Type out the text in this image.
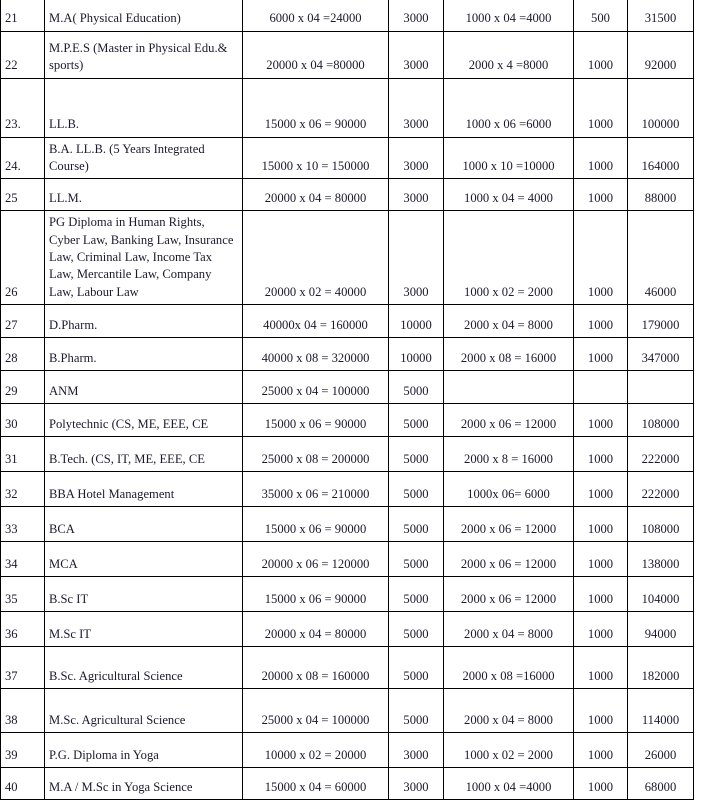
21	M.A( Physical Education)	6000 x 04 =24000	3000	1000 x 04 =4000	500	31500
22	M.P.E.S (Master in Physical Edu.& sports)	20000 x 04 =80000	3000	2000 x 4 =8000	1000	92000
23.	LL.B.	15000 x 06 = 90000	3000	1000 x 06 =6000	1000	100000
24.	B.A. LL.B. (5 Years Integrated Course)	15000 x 10 = 150000	3000	1000 x 10 =10000	1000	164000
25	LL.M.	20000 x 04 = 80000	3000	1000 x 04 = 4000	1000	88000
26	PG Diploma in Human Rights, Cyber Law, Banking Law, Insurance Law, Criminal Law, Income Tax Law, Mercantile Law, Company Law, Labour Law	20000 x 02 = 40000	3000	1000 x 02 = 2000	1000	46000
27	D.Pharm.	40000x 04 = 160000	10000	2000 x 04 = 8000	1000	179000
28	B.Pharm.	40000 x 08 = 320000	10000	2000 x 08 = 16000	1000	347000
29	ANM	25000 x 04 = 100000	5000			
30	Polytechnic (CS, ME, EEE, CE	15000 x 06 = 90000	5000	2000 x 06 = 12000	1000	108000
31	B.Tech. (CS, IT, ME, EEE, CE	25000 x 08 = 200000	5000	2000 x 8 = 16000	1000	222000
32	BBA Hotel Management	35000 x 06 = 210000	5000	1000x 06= 6000	1000	222000
33	BCA	15000 x 06 = 90000	5000	2000 x 06 = 12000	1000	108000
34	MCA	20000 x 06 = 120000	5000	2000 x 06 = 12000	1000	138000
35	B.Sc IT	15000 x 06 = 90000	5000	2000 x 06 = 12000	1000	104000
36	M.Sc IT	20000 x 04 = 80000	5000	2000 x 04 = 8000	1000	94000
37	B.Sc. Agricultural Science	20000 x 08 = 160000	5000	2000 x 08 =16000	1000	182000
38	M.Sc. Agricultural Science	25000 x 04 = 100000	5000	2000 x 04 = 8000	1000	114000
39	P.G. Diploma in Yoga	10000 x 02 = 20000	3000	1000 x 02 = 2000	1000	26000
40	M.A / M.Sc in Yoga Science	15000 x 04 = 60000	3000	1000 x 04 =4000	1000	68000
